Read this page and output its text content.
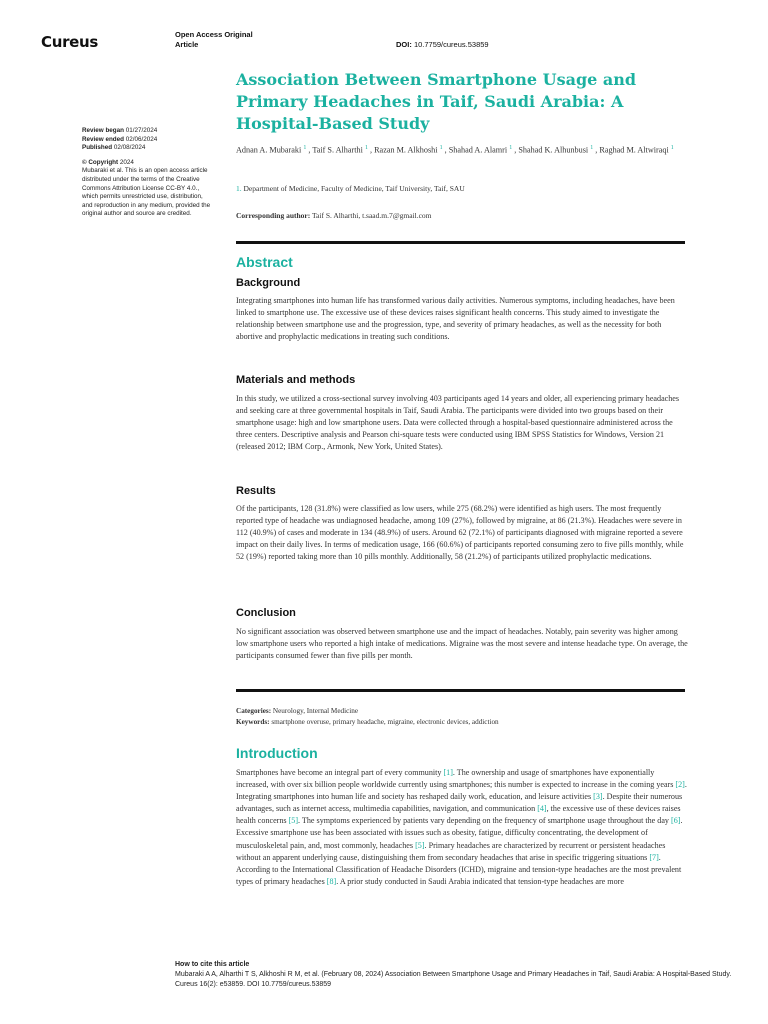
Cureus	Open Access Original
Article	DOI: 10.7759/cureus.53859
Review began 01/27/2024
Review ended 02/06/2024
Published 02/08/2024
© Copyright 2024
Mubaraki et al. This is an open access article distributed under the terms of the Creative Commons Attribution License CC-BY 4.0., which permits unrestricted use, distribution, and reproduction in any medium, provided the original author and source are credited.
Association Between Smartphone Usage and Primary Headaches in Taif, Saudi Arabia: A Hospital-Based Study
Adnan A. Mubaraki $^1$ , Taif S. Alharthi $^1$ , Razan M. Alkhoshi $^1$ , Shahad A. Alamri $^1$ , Shahad K. Alhunbusi $^1$ , Raghad M. Altwiraqi $^1$
1. Department of Medicine, Faculty of Medicine, Taif University, Taif, SAU
Corresponding author: Taif S. Alharthi, t.saad.m.7@gmail.com
Abstract
Background
Integrating smartphones into human life has transformed various daily activities. Numerous symptoms, including headaches, have been linked to smartphone use. The excessive use of these devices raises significant health concerns. This study aimed to investigate the relationship between smartphone use and the progression, type, and severity of primary headaches, as well as the necessity for both abortive and prophylactic medications in treating such conditions.
Materials and methods
In this study, we utilized a cross-sectional survey involving 403 participants aged 14 years and older, all experiencing primary headaches and seeking care at three governmental hospitals in Taif, Saudi Arabia. The participants were divided into two groups based on their smartphone usage: high and low smartphone users. Data were collected through a hospital-based questionnaire administered across the three centers. Descriptive analysis and Pearson chi-square tests were conducted using IBM SPSS Statistics for Windows, Version 21 (released 2012; IBM Corp., Armonk, New York, United States).
Results
Of the participants, 128 (31.8%) were classified as low users, while 275 (68.2%) were identified as high users. The most frequently reported type of headache was undiagnosed headache, among 109 (27%), followed by migraine, at 86 (21.3%). Headaches were severe in 112 (40.9%) of cases and moderate in 134 (48.9%) of users. Around 62 (72.1%) of participants diagnosed with migraine reported a severe impact on their daily lives. In terms of medication usage, 166 (60.6%) of participants reported consuming zero to five pills monthly, while 52 (19%) reported taking more than 10 pills monthly. Additionally, 58 (21.2%) of participants utilized prophylactic medications.
Conclusion
No significant association was observed between smartphone use and the impact of headaches. Notably, pain severity was higher among low smartphone users who reported a high intake of medications. Migraine was the most severe and intense headache type. On average, the participants consumed fewer than five pills per month.
Categories: Neurology, Internal Medicine
Keywords: smartphone overuse, primary headache, migraine, electronic devices, addiction
Introduction
Smartphones have become an integral part of every community [1]. The ownership and usage of smartphones have exponentially increased, with over six billion people worldwide currently using smartphones; this number is expected to increase in the coming years [2]. Integrating smartphones into human life and society has reshaped daily work, education, and leisure activities [3]. Despite their numerous advantages, such as internet access, multimedia capabilities, navigation, and communication [4], the excessive use of these devices raises health concerns [5]. The symptoms experienced by patients vary depending on the frequency of smartphone usage throughout the day [6]. Excessive smartphone use has been associated with issues such as obesity, fatigue, difficulty concentrating, the development of musculoskeletal pain, and, most commonly, headaches [5]. Primary headaches are characterized by recurrent or persistent headaches without an apparent underlying cause, distinguishing them from secondary headaches that arise in specific triggering situations [7]. According to the International Classification of Headache Disorders (ICHD), migraine and tension-type headaches are the most prevalent types of primary headaches [8]. A prior study conducted in Saudi Arabia indicated that tension-type headaches are more
How to cite this article
Mubaraki A A, Alharthi T S, Alkhoshi R M, et al. (February 08, 2024) Association Between Smartphone Usage and Primary Headaches in Taif, Saudi Arabia: A Hospital-Based Study. Cureus 16(2): e53859. DOI 10.7759/cureus.53859
